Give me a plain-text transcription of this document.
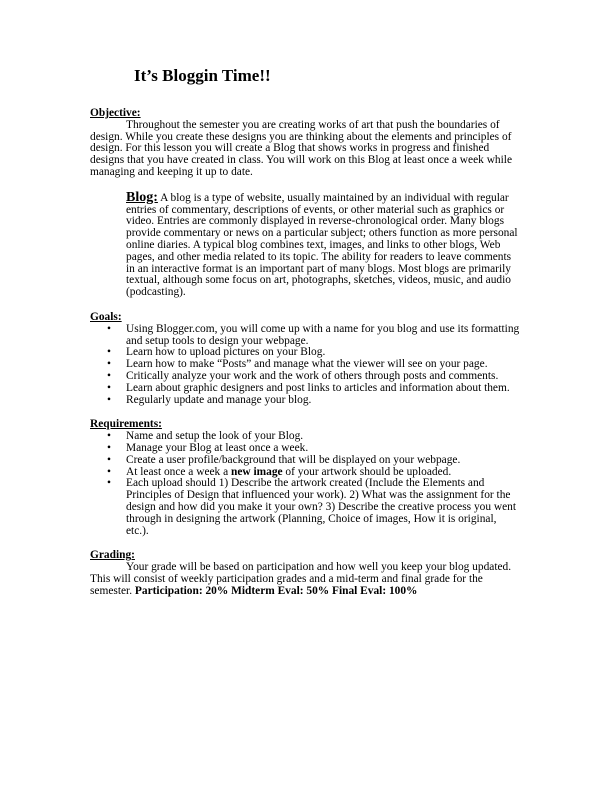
It’s Bloggin Time!!

Objective:

Throughout the semester you are creating works of art that push the boundaries of design. While you create these designs you are thinking about the elements and principles of design. For this lesson you will create a Blog that shows works in progress and finished designs that you have created in class. You will work on this Blog at least once a week while managing and keeping it up to date.

Blog: A blog is a type of website, usually maintained by an individual with regular entries of commentary, descriptions of events, or other material such as graphics or video. Entries are commonly displayed in reverse-chronological order. Many blogs provide commentary or news on a particular subject; others function as more personal online diaries. A typical blog combines text, images, and links to other blogs, Web pages, and other media related to its topic. The ability for readers to leave comments in an interactive format is an important part of many blogs. Most blogs are primarily textual, although some focus on art, photographs, sketches, videos, music, and audio (podcasting).

Goals:

• Using Blogger.com, you will come up with a name for you blog and use its formatting and setup tools to design your webpage.
• Learn how to upload pictures on your Blog.
• Learn how to make “Posts” and manage what the viewer will see on your page.
• Critically analyze your work and the work of others through posts and comments.
• Learn about graphic designers and post links to articles and information about them.
• Regularly update and manage your blog.

Requirements:

• Name and setup the look of your Blog.
• Manage your Blog at least once a week.
• Create a user profile/background that will be displayed on your webpage.
• At least once a week a new image of your artwork should be uploaded.
• Each upload should 1) Describe the artwork created (Include the Elements and Principles of Design that influenced your work). 2) What was the assignment for the design and how did you make it your own? 3) Describe the creative process you went through in designing the artwork (Planning, Choice of images, How it is original, etc.).

Grading:

Your grade will be based on participation and how well you keep your blog updated. This will consist of weekly participation grades and a mid-term and final grade for the semester. Participation: 20% Midterm Eval: 50% Final Eval: 100%
